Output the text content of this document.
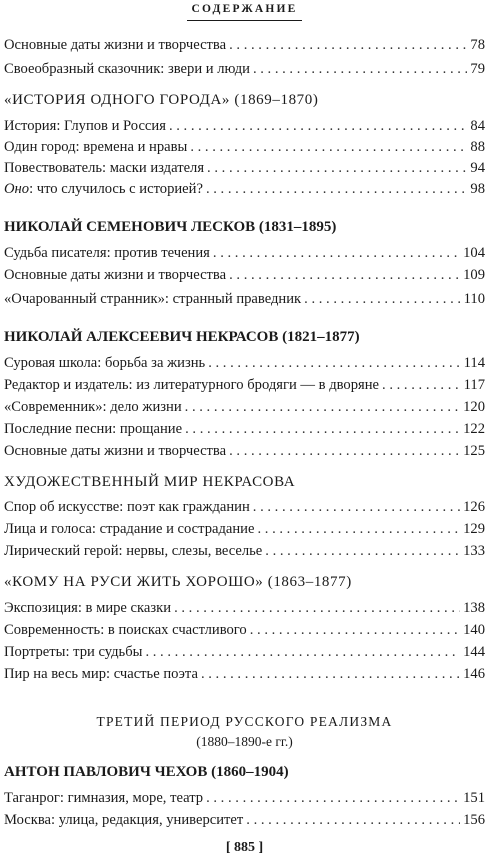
СОДЕРЖАНИЕ
Основные даты жизни и творчества . . .	78
Своеобразный сказочник: звери и люди . . .	79
«ИСТОРИЯ ОДНОГО ГОРОДА» (1869–1870)
История: Глупов и Россия . . .	84
Один город: времена и нравы . . .	88
Повествователь: маски издателя . . .	94
Оно: что случилось с историей? . . .	98
НИКОЛАЙ СЕМЕНОВИЧ ЛЕСКОВ (1831–1895)
Судьба писателя: против течения . . .	104
Основные даты жизни и творчества . . .	109
«Очарованный странник»: странный праведник . . .	110
НИКОЛАЙ АЛЕКСЕЕВИЧ НЕКРАСОВ (1821–1877)
Суровая школа: борьба за жизнь . . .	114
Редактор и издатель: из литературного бродяги — в дворяне . . .	117
«Современник»: дело жизни . . .	120
Последние песни: прощание . . .	122
Основные даты жизни и творчества . . .	125
ХУДОЖЕСТВЕННЫЙ МИР НЕКРАСОВА
Спор об искусстве: поэт как гражданин . . .	126
Лица и голоса: страдание и сострадание . . .	129
Лирический герой: нервы, слезы, веселье . . .	133
«КОМУ НА РУСИ ЖИТЬ ХОРОШО» (1863–1877)
Экспозиция: в мире сказки . . .	138
Современность: в поисках счастливого . . .	140
Портреты: три судьбы . . .	144
Пир на весь мир: счастье поэта . . .	146
ТРЕТИЙ ПЕРИОД РУССКОГО РЕАЛИЗМА
(1880–1890-е гг.)
АНТОН ПАВЛОВИЧ ЧЕХОВ (1860–1904)
Таганрог: гимназия, море, театр . . .	151
Москва: улица, редакция, университет . . .	156
[ 885 ]
